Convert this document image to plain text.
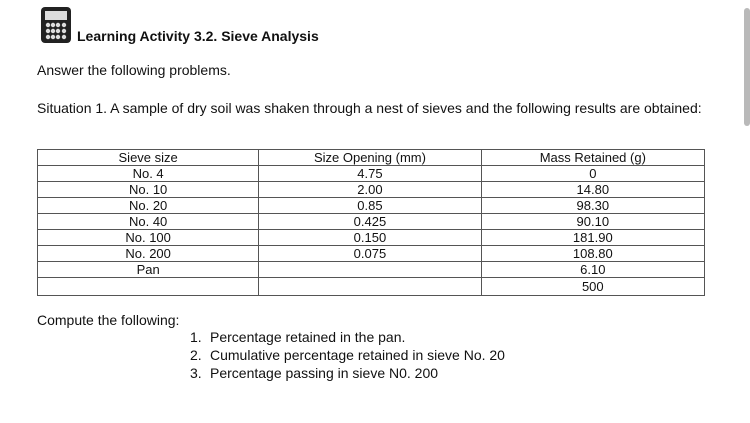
Learning Activity 3.2. Sieve Analysis
Answer the following problems.
Situation 1. A sample of dry soil was shaken through a nest of sieves and the following results are obtained:
Sieve size	Size Opening (mm)	Mass Retained (g)
No. 4	4.75	0
No. 10	2.00	14.80
No. 20	0.85	98.30
No. 40	0.425	90.10
No. 100	0.150	181.90
No. 200	0.075	108.80
Pan		6.10
		500
Compute the following:
1. Percentage retained in the pan.
2. Cumulative percentage retained in sieve No. 20
3. Percentage passing in sieve N0. 200
